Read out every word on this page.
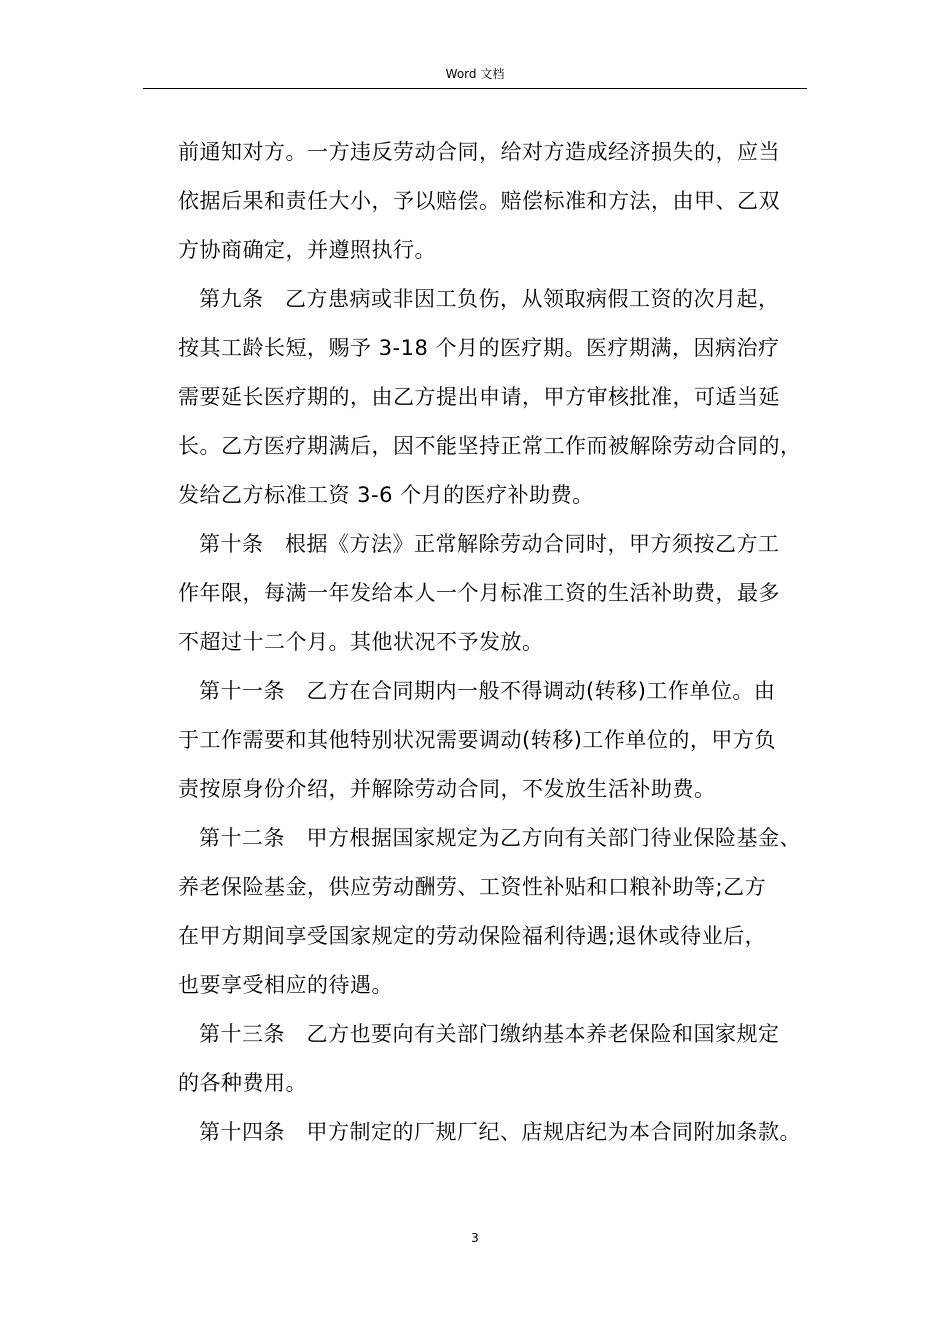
Word 文档
前通知对方。一方违反劳动合同，给对方造成经济损失的，应当
依据后果和责任大小，予以赔偿。赔偿标准和方法，由甲、乙双
方协商确定，并遵照执行。
第九条　乙方患病或非因工负伤，从领取病假工资的次月起，
按其工龄长短，赐予 3-18 个月的医疗期。医疗期满，因病治疗
需要延长医疗期的，由乙方提出申请，甲方审核批准，可适当延
长。乙方医疗期满后，因不能坚持正常工作而被解除劳动合同的，
发给乙方标准工资 3-6 个月的医疗补助费。
第十条　根据《方法》正常解除劳动合同时，甲方须按乙方工
作年限，每满一年发给本人一个月标准工资的生活补助费，最多
不超过十二个月。其他状况不予发放。
第十一条　乙方在合同期内一般不得调动(转移)工作单位。由
于工作需要和其他特别状况需要调动(转移)工作单位的，甲方负
责按原身份介绍，并解除劳动合同，不发放生活补助费。
第十二条　甲方根据国家规定为乙方向有关部门待业保险基金、
养老保险基金，供应劳动酬劳、工资性补贴和口粮补助等;乙方
在甲方期间享受国家规定的劳动保险福利待遇;退休或待业后，
也要享受相应的待遇。
第十三条　乙方也要向有关部门缴纳基本养老保险和国家规定
的各种费用。
第十四条　甲方制定的厂规厂纪、店规店纪为本合同附加条款。
3
